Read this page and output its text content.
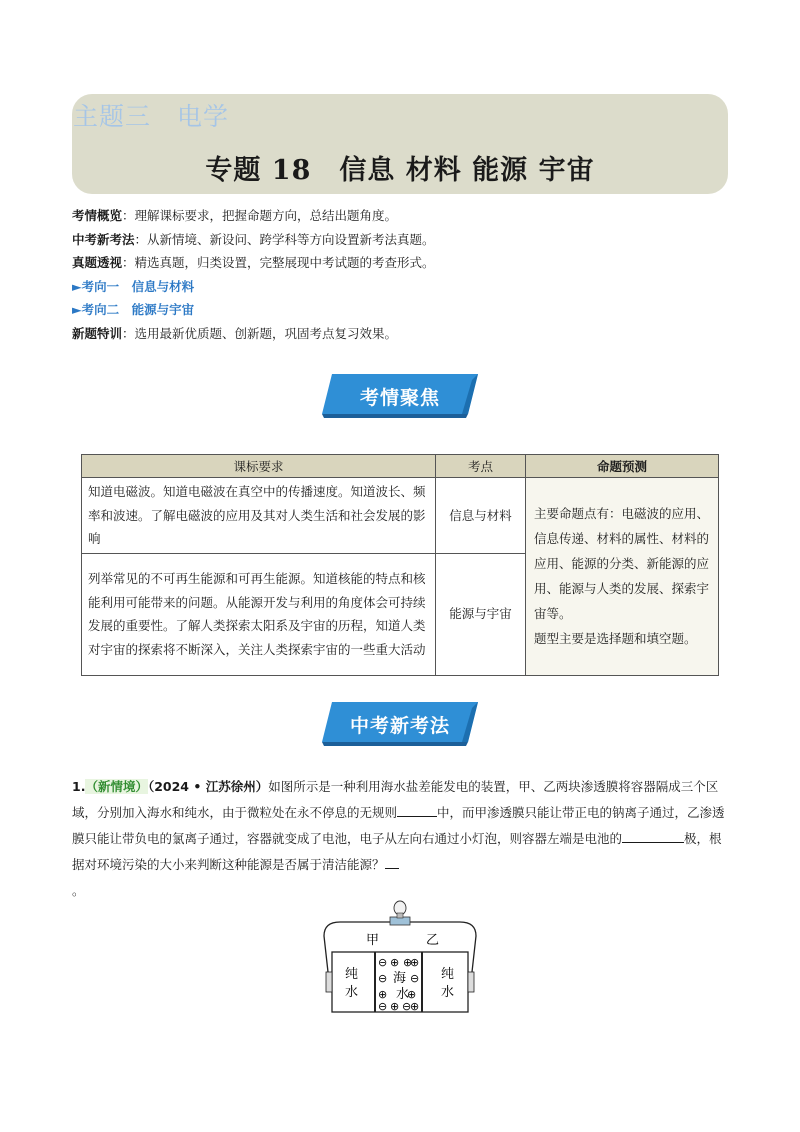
主题三　电学
专题 18　信息 材料 能源 宇宙
考情概览：理解课标要求，把握命题方向，总结出题角度。
中考新考法：从新情境、新设问、跨学科等方向设置新考法真题。
真题透视：精选真题，归类设置，完整展现中考试题的考查形式。
►考向一　信息与材料
►考向二　能源与宇宙
新题特训：选用最新优质题、创新题，巩固考点复习效果。
考情聚焦
课标要求	考点	命题预测
知道电磁波。知道电磁波在真空中的传播速度。知道波长、频率和波速。了解电磁波的应用及其对人类生活和社会发展的影响	信息与材料	主要命题点有：电磁波的应用、信息传递、材料的属性、材料的应用、能源的分类、新能源的应用、能源与人类的发展、探索宇宙等。
题型主要是选择题和填空题。

列举常见的不可再生能源和可再生能源。知道核能的特点和核能利用可能带来的问题。从能源开发与利用的角度体会可持续发展的重要性。了解人类探索太阳系及宇宙的历程，知道人类对宇宙的探索将不断深入，关注人类探索宇宙的一些重大活动	能源与宇宙	
中考新考法
1.（新情境）（2024 • 江苏徐州）如图所示是一种利用海水盐差能发电的装置，甲、乙两块渗透膜将容器隔成三个区域，分别加入海水和纯水，由于微粒处在永不停息的无规则	中，而甲渗透膜只能让带正电的钠离子通过，乙渗透膜只能让带负电的氯离子通过，容器就变成了电池，电子从左向右通过小灯泡，则容器左端是电池的	极，根据对环境污染的大小来判断这种能源是否属于清洁能源？
。
甲	乙
纯
水
纯
水
海
水
⊖
⊖
⊕
⊖
⊕ ⊕
⊕
⊕ ⊖
⊕
⊖
⊕
